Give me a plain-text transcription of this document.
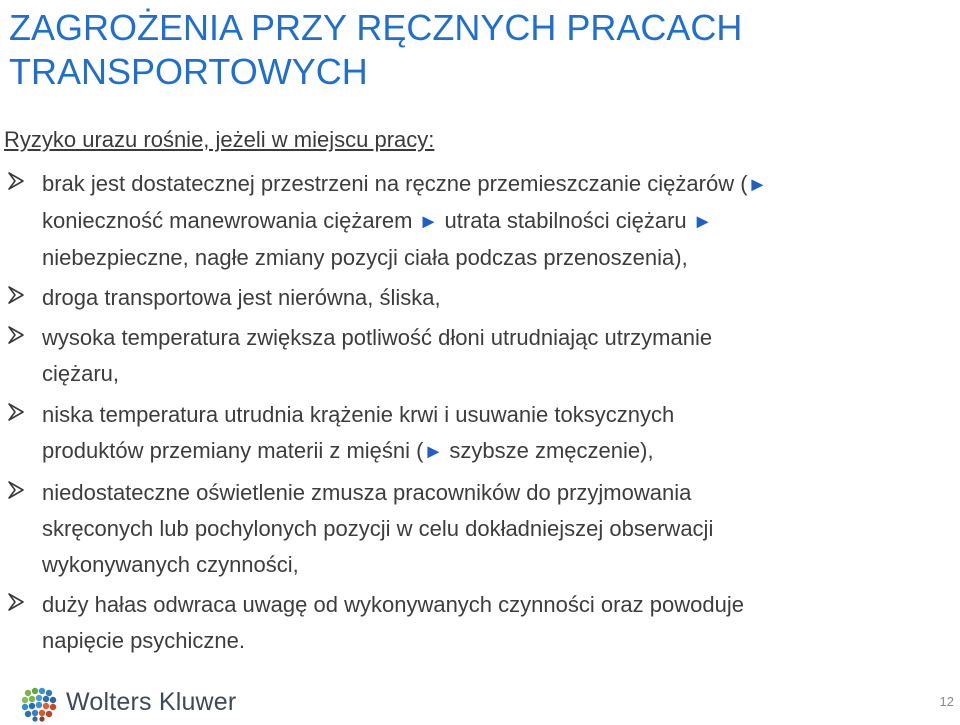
ZAGROŻENIA PRZY RĘCZNYCH PRACACH TRANSPORTOWYCH
Ryzyko urazu rośnie, jeżeli w miejscu pracy:
brak jest dostatecznej przestrzeni na ręczne przemieszczanie ciężarów (►
konieczność manewrowania ciężarem ► utrata stabilności ciężaru ►
niebezpieczne, nagłe zmiany pozycji ciała podczas przenoszenia),
droga transportowa jest nierówna, śliska,
wysoka temperatura zwiększa potliwość dłoni utrudniając utrzymanie
ciężaru,
niska temperatura utrudnia krążenie krwi i usuwanie toksycznych
produktów przemiany materii z mięśni (► szybsze zmęczenie),
niedostateczne oświetlenie zmusza pracowników do przyjmowania
skręconych lub pochylonych pozycji w celu dokładniejszej obserwacji
wykonywanych czynności,
duży hałas odwraca uwagę od wykonywanych czynności oraz powoduje
napięcie psychiczne.
Wolters Kluwer	12
